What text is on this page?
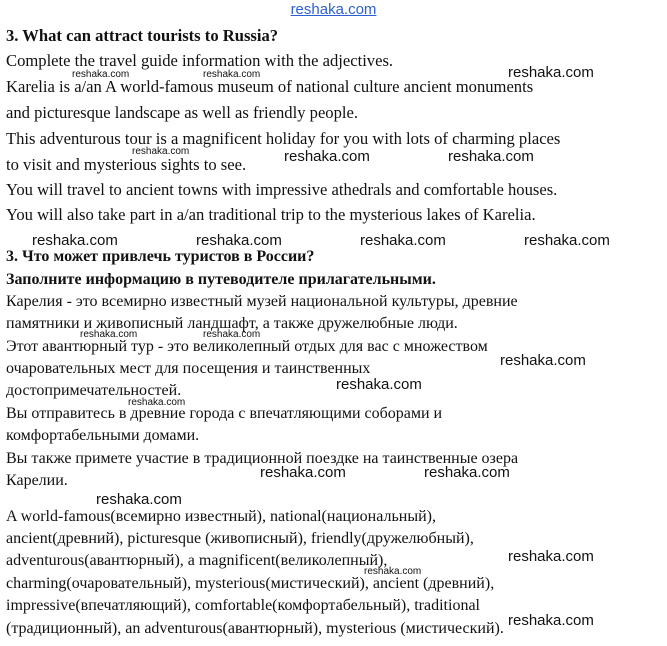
reshaka.com
3. What can attract tourists to Russia?
Complete the travel guide information with the adjectives.
Karelia is a/an A world-famous museum of national culture ancient monuments
and picturesque landscape as well as friendly people.
This adventurous tour is a magnificent holiday for you with lots of charming places
to visit and mysterious sights to see.
You will travel to ancient towns with impressive athedrals and comfortable houses.
You will also take part in a/an traditional trip to the mysterious lakes of Karelia.
3. Что может привлечь туристов в России?
Заполните информацию в путеводителе прилагательными.
Карелия - это всемирно известный музей национальной культуры, древние
памятники и живописный ландшафт, а также дружелюбные люди.
Этот авантюрный тур - это великолепный отдых для вас с множеством
очаровательных мест для посещения и таинственных
достопримечательностей.
Вы отправитесь в древние города с впечатляющими соборами и
комфортабельными домами.
Вы также примете участие в традиционной поездке на таинственные озера
Карелии.
A world-famous(всемирно известный), national(национальный),
ancient(древний), picturesque (живописный), friendly(дружелюбный),
adventurous(авантюрный), a magnificent(великолепный),
charming(очаровательный), mysterious(мистический), ancient (древний),
impressive(впечатляющий), comfortable(комфортабельный), traditional
(традиционный), an adventurous(авантюрный), mysterious (мистический).
reshaka.com	reshaka.com	reshaka.com
reshaka.com	reshaka.com	reshaka.com
reshaka.com	reshaka.com	reshaka.com	reshaka.com
reshaka.com	reshaka.com
reshaka.com
reshaka.com
reshaka.com
reshaka.com	reshaka.com
reshaka.com
reshaka.com
reshaka.com
reshaka.com
